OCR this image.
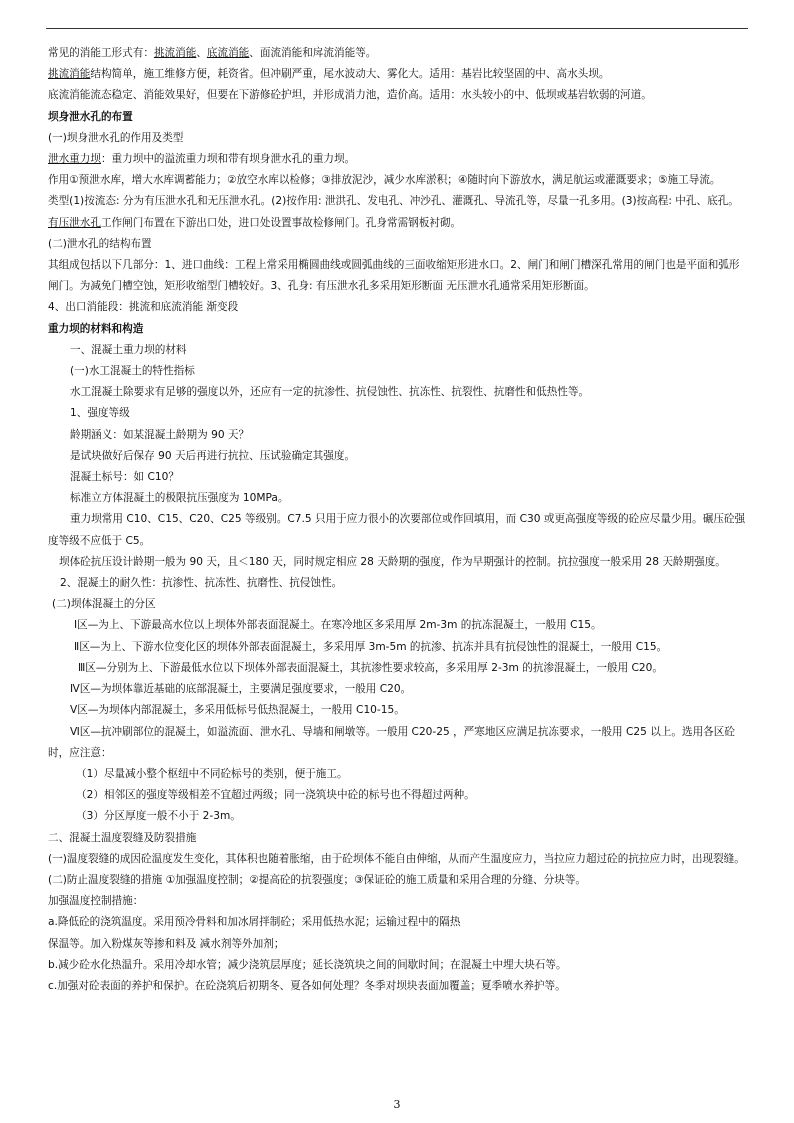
常见的消能工形式有：挑流消能、底流消能、面流消能和戽流消能等。

挑流消能结构简单，施工维修方便，耗资省。但冲刷严重，尾水波动大、雾化大。适用：基岩比较坚固的中、高水头坝。

底流消能流态稳定、消能效果好，但要在下游修砼护坦，并形成消力池，造价高。适用：水头较小的中、低坝或基岩软弱的河道。

坝身泄水孔的布置

(一)坝身泄水孔的作用及类型

泄水重力坝：重力坝中的溢流重力坝和带有坝身泄水孔的重力坝。

作用①预泄水库，增大水库调蓄能力；②放空水库以检修；③排放泥沙，减少水库淤积；④随时向下游放水，满足航运或灌溉要求；⑤施工导流。

类型(1)按流态: 分为有压泄水孔和无压泄水孔。(2)按作用: 泄洪孔、发电孔、冲沙孔、灌溉孔、导流孔等，尽量一孔多用。(3)按高程: 中孔、底孔。

有压泄水孔工作闸门布置在下游出口处，进口处设置事故检修闸门。孔身常需钢板衬砌。

(二)泄水孔的结构布置

其组成包括以下几部分：1、进口曲线：工程上常采用椭圆曲线或圆弧曲线的三面收缩矩形进水口。2、闸门和闸门槽深孔常用的闸门也是平面和弧形闸门。为减免门槽空蚀，矩形收缩型门槽较好。3、孔身: 有压泄水孔多采用矩形断面 无压泄水孔通常采用矩形断面。

4、出口消能段：挑流和底流消能 渐变段

重力坝的材料和构造

一、混凝土重力坝的材料

(一)水工混凝土的特性指标

水工混凝土除要求有足够的强度以外，还应有一定的抗渗性、抗侵蚀性、抗冻性、抗裂性、抗磨性和低热性等。

1、强度等级

龄期涵义：如某混凝土龄期为 90 天？

是试块做好后保存 90 天后再进行抗拉、压试验确定其强度。

混凝土标号：如 C10？

标准立方体混凝土的极限抗压强度为 10MPa。

重力坝常用 C10、C15、C20、C25 等级别。C7.5 只用于应力很小的次要部位或作回填用，而 C30 或更高强度等级的砼应尽量少用。碾压砼强度等级不应低于 C5。

坝体砼抗压设计龄期一般为 90 天，且＜180 天，同时规定相应 28 天龄期的强度，作为早期强计的控制。抗拉强度一般采用 28 天龄期强度。

2、混凝土的耐久性：抗渗性、抗冻性、抗磨性、抗侵蚀性。

(二)坝体混凝土的分区

Ⅰ区—为上、下游最高水位以上坝体外部表面混凝土。在寒冷地区多采用厚 2m-3m 的抗冻混凝土，一般用 C15。

Ⅱ区—为上、下游水位变化区的坝体外部表面混凝土，多采用厚 3m-5m 的抗渗、抗冻并具有抗侵蚀性的混凝土，一般用 C15。

Ⅲ区—分别为上、下游最低水位以下坝体外部表面混凝土，其抗渗性要求较高，多采用厚 2-3m 的抗渗混凝土，一般用 C20。

Ⅳ区—为坝体靠近基础的底部混凝土，主要满足强度要求，一般用 C20。

Ⅴ区—为坝体内部混凝土，多采用低标号低热混凝土，一般用 C10-15。

Ⅵ区—抗冲刷部位的混凝土，如溢流面、泄水孔、导墙和闸墩等。一般用 C20-25 ，严寒地区应满足抗冻要求，一般用 C25 以上。选用各区砼时，应注意：

（1）尽量减小整个枢纽中不同砼标号的类别，便于施工。

（2）相邻区的强度等级相差不宜超过两级；同一浇筑块中砼的标号也不得超过两种。

（3）分区厚度一般不小于 2-3m。

二、混凝土温度裂缝及防裂措施

(一)温度裂缝的成因砼温度发生变化，其体积也随着胀缩，由于砼坝体不能自由伸缩，从而产生温度应力，当拉应力超过砼的抗拉应力时，出现裂缝。

(二)防止温度裂缝的措施 ①加强温度控制；②提高砼的抗裂强度；③保证砼的施工质量和采用合理的分缝、分块等。

加强温度控制措施：

a.降低砼的浇筑温度。采用预冷骨料和加冰屑拌制砼；采用低热水泥；运输过程中的隔热

保温等。加入粉煤灰等掺和料及 减水剂等外加剂；

b.减少砼水化热温升。采用冷却水管；减少浇筑层厚度；延长浇筑块之间的间歇时间；在混凝土中埋大块石等。

c.加强对砼表面的养护和保护。在砼浇筑后初期冬、夏各如何处理？冬季对坝块表面加覆盖；夏季喷水养护等。

3
